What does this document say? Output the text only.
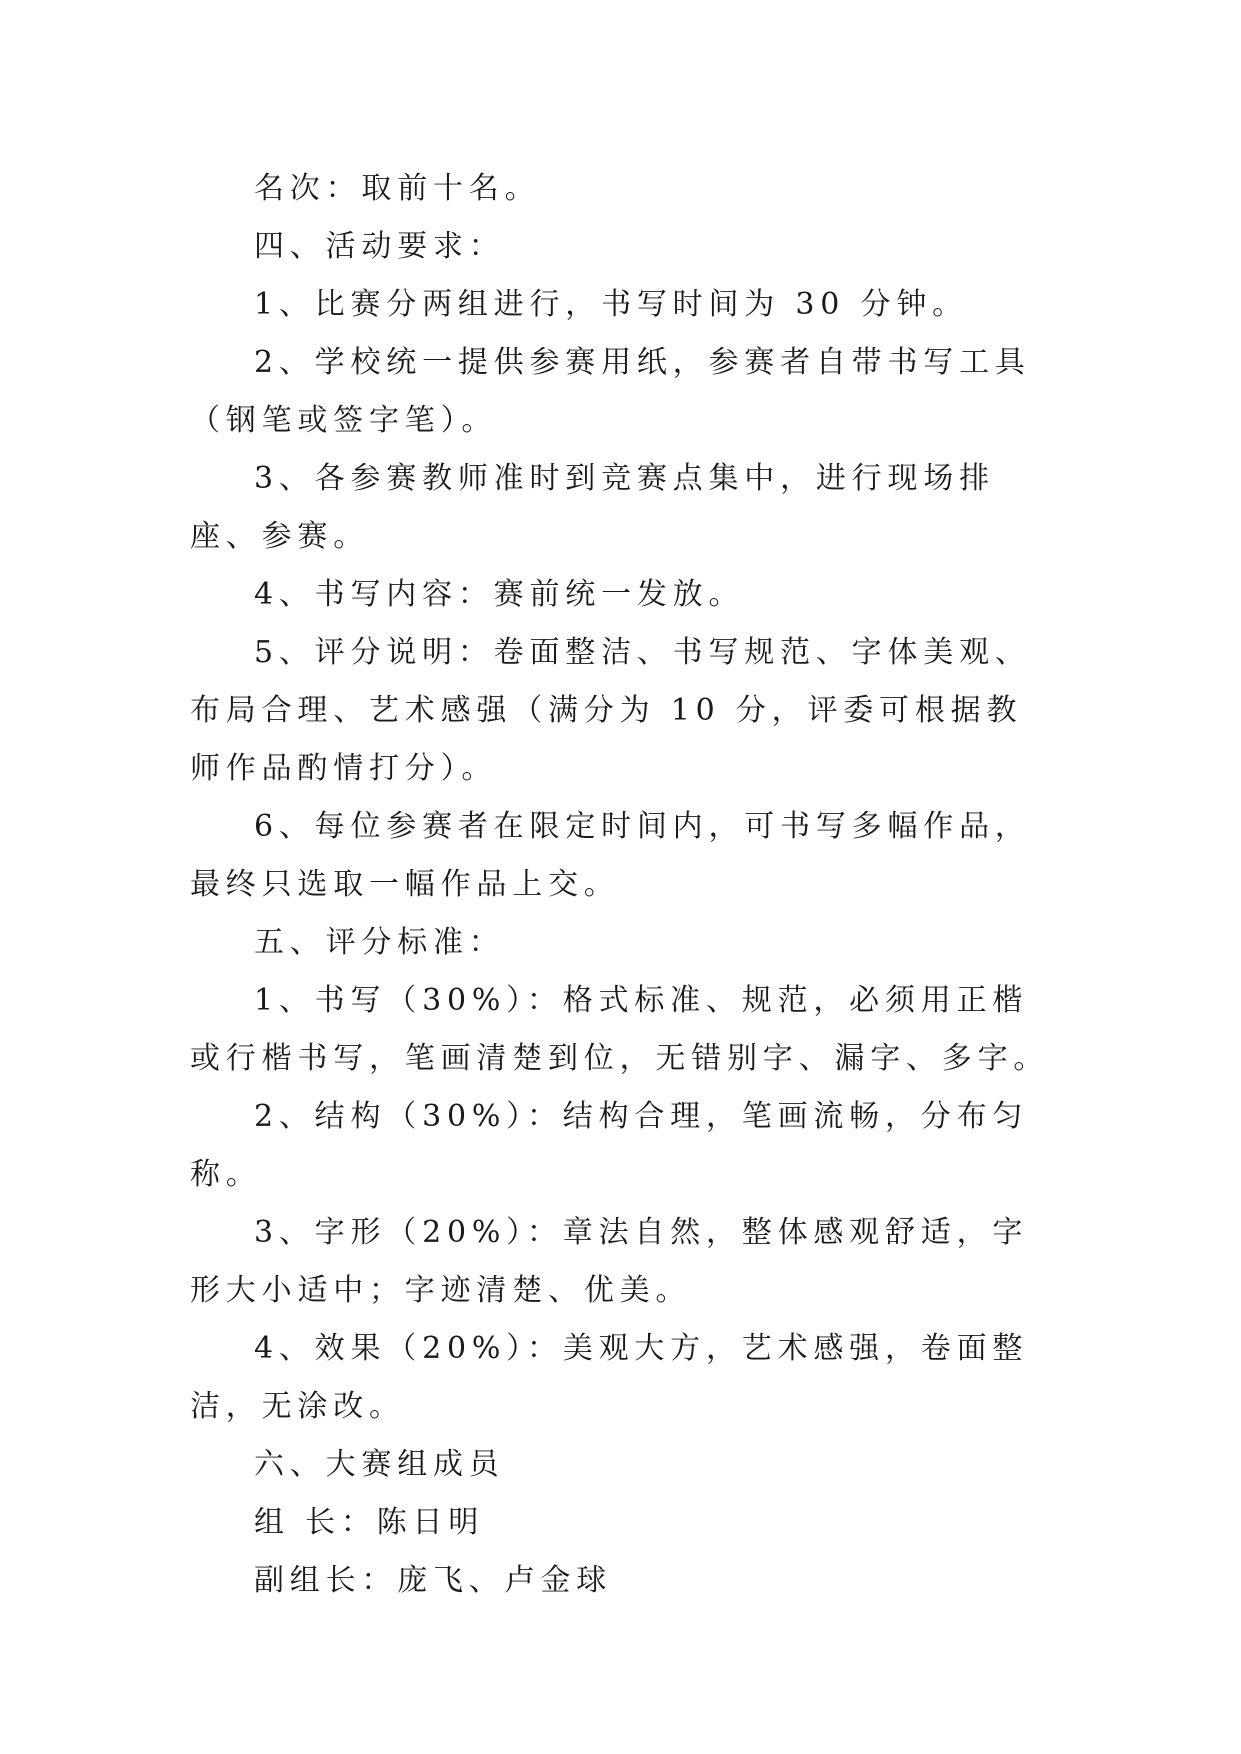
名次：取前十名。

四、活动要求：

1、比赛分两组进行，书写时间为 30 分钟。

2、学校统一提供参赛用纸，参赛者自带书写工具（钢笔或签字笔）。

3、各参赛教师准时到竞赛点集中，进行现场排座、参赛。

4、书写内容：赛前统一发放。

5、评分说明：卷面整洁、书写规范、字体美观、布局合理、艺术感强（满分为 10 分，评委可根据教师作品酌情打分）。

6、每位参赛者在限定时间内，可书写多幅作品，最终只选取一幅作品上交。

五、评分标准：

1、书写（30%）：格式标准、规范，必须用正楷或行楷书写，笔画清楚到位，无错别字、漏字、多字。

2、结构（30%）：结构合理，笔画流畅，分布匀称。

3、字形（20%）：章法自然，整体感观舒适，字形大小适中；字迹清楚、优美。

4、效果（20%）：美观大方，艺术感强，卷面整洁，无涂改。

六、大赛组成员

组 长：陈日明

副组长：庞飞、卢金球
